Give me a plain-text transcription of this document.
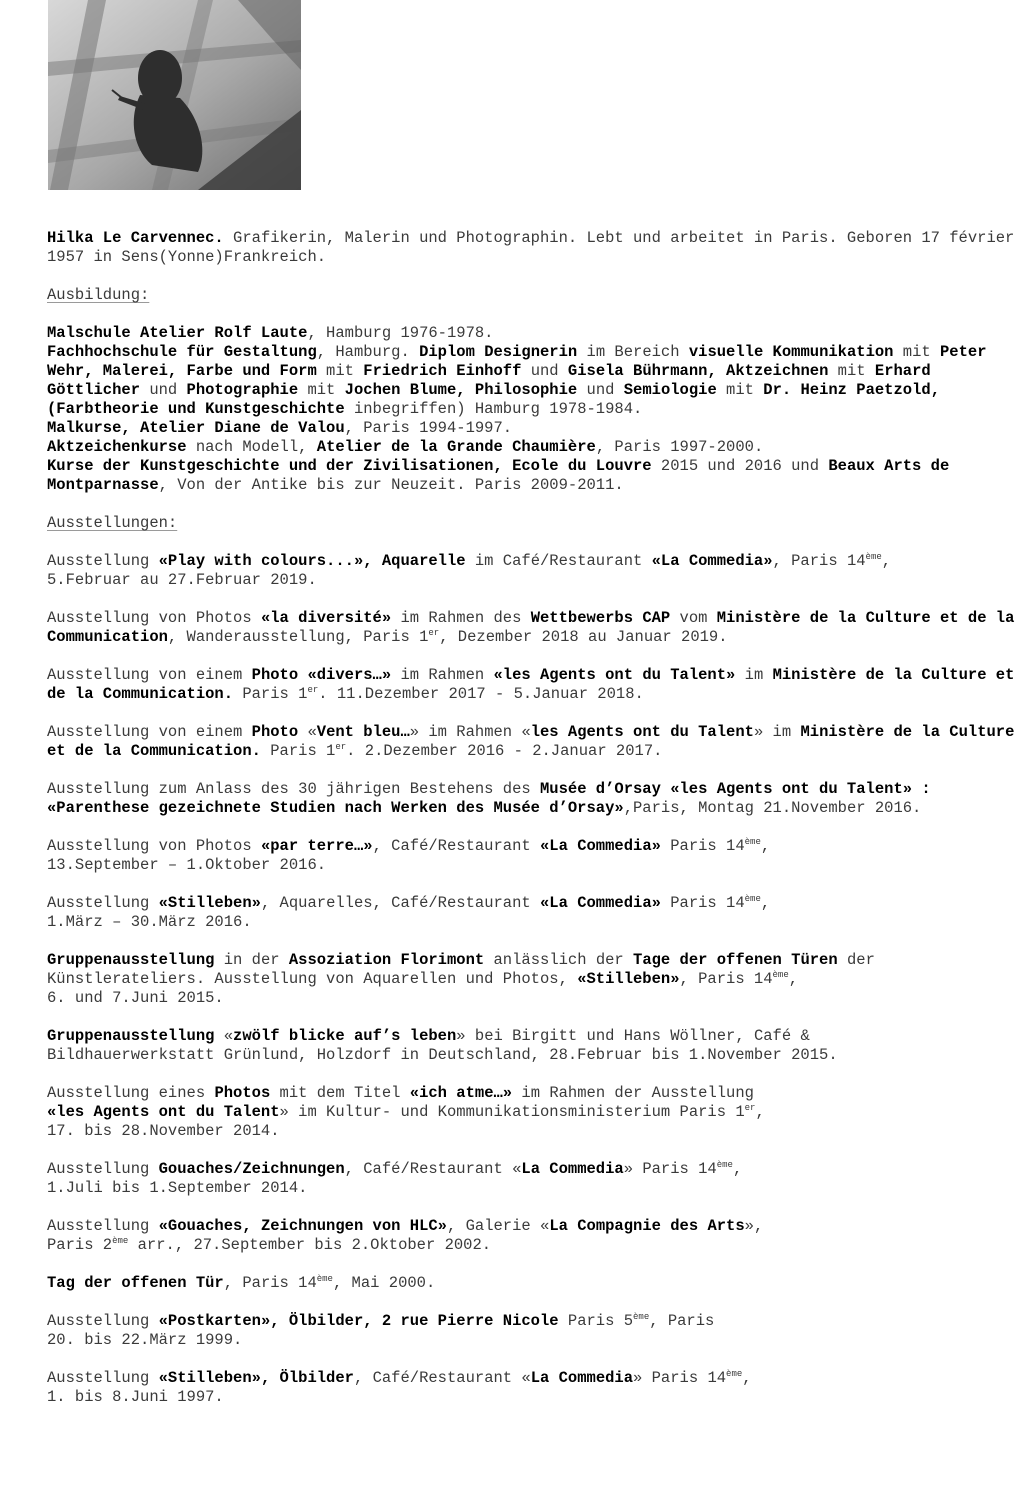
Hilka Le Carvennec. Grafikerin, Malerin und Photographin. Lebt und arbeitet in Paris. Geboren 17 février 1957 in Sens(Yonne)Frankreich.

Ausbildung:

Malschule Atelier Rolf Laute, Hamburg 1976-1978.
Fachhochschule für Gestaltung, Hamburg. Diplom Designerin im Bereich visuelle Kommunikation mit Peter Wehr, Malerei, Farbe und Form mit Friedrich Einhoff und Gisela Bührmann, Aktzeichnen mit Erhard Göttlicher und Photographie mit Jochen Blume, Philosophie und Semiologie mit Dr. Heinz Paetzold,(Farbtheorie und Kunstgeschichte inbegriffen) Hamburg 1978-1984.
Malkurse, Atelier Diane de Valou, Paris 1994-1997.
Aktzeichenkurse nach Modell, Atelier de la Grande Chaumière, Paris 1997-2000.
Kurse der Kunstgeschichte und der Zivilisationen, Ecole du Louvre 2015 und 2016 und Beaux Arts de Montparnasse, Von der Antike bis zur Neuzeit. Paris 2009-2011.

Ausstellungen:

Ausstellung «Play with colours...», Aquarelle im Café/Restaurant «La Commedia», Paris 14ème,
5.Februar au 27.Februar 2019.

Ausstellung von Photos «la diversité» im Rahmen des Wettbewerbs CAP vom Ministère de la Culture et de la Communication, Wanderausstellung, Paris 1er, Dezember 2018 au Januar 2019.

Ausstellung von einem Photo «divers…» im Rahmen «les Agents ont du Talent» im Ministère de la Culture et de la Communication. Paris 1er. 11.Dezember 2017 - 5.Januar 2018.

Ausstellung von einem Photo «Vent bleu…» im Rahmen «les Agents ont du Talent» im Ministère de la Culture et de la Communication. Paris 1er. 2.Dezember 2016 - 2.Januar 2017.

Ausstellung zum Anlass des 30 jährigen Bestehens des Musée d’Orsay «les Agents ont du Talent» :
«Parenthese gezeichnete Studien nach Werken des Musée d’Orsay»,Paris, Montag 21.November 2016.

Ausstellung von Photos «par terre…», Café/Restaurant «La Commedia» Paris 14ème,
13.September – 1.Oktober 2016.

Ausstellung «Stilleben», Aquarelles, Café/Restaurant «La Commedia» Paris 14ème,
1.März – 30.März 2016.

Gruppenausstellung in der Assoziation Florimont anlässlich der Tage der offenen Türen der Künstlerateliers. Ausstellung von Aquarellen und Photos, «Stilleben», Paris 14ème,
6. und 7.Juni 2015.

Gruppenausstellung «zwölf blicke auf’s leben» bei Birgitt und Hans Wöllner, Café &
Bildhauerwerkstatt Grünlund, Holzdorf in Deutschland, 28.Februar bis 1.November 2015.

Ausstellung eines Photos mit dem Titel «ich atme…» im Rahmen der Ausstellung
«les Agents ont du Talent» im Kultur- und Kommunikationsministerium Paris 1er,
17. bis 28.November 2014.

Ausstellung Gouaches/Zeichnungen, Café/Restaurant «La Commedia» Paris 14ème,
1.Juli bis 1.September 2014.

Ausstellung «Gouaches, Zeichnungen von HLC», Galerie «La Compagnie des Arts»,
Paris 2ème arr., 27.September bis 2.Oktober 2002.

Tag der offenen Tür, Paris 14ème, Mai 2000.

Ausstellung «Postkarten», Ölbilder, 2 rue Pierre Nicole Paris 5ème, Paris
20. bis 22.März 1999.

Ausstellung «Stilleben», Ölbilder, Café/Restaurant «La Commedia» Paris 14ème,
1. bis 8.Juni 1997.
